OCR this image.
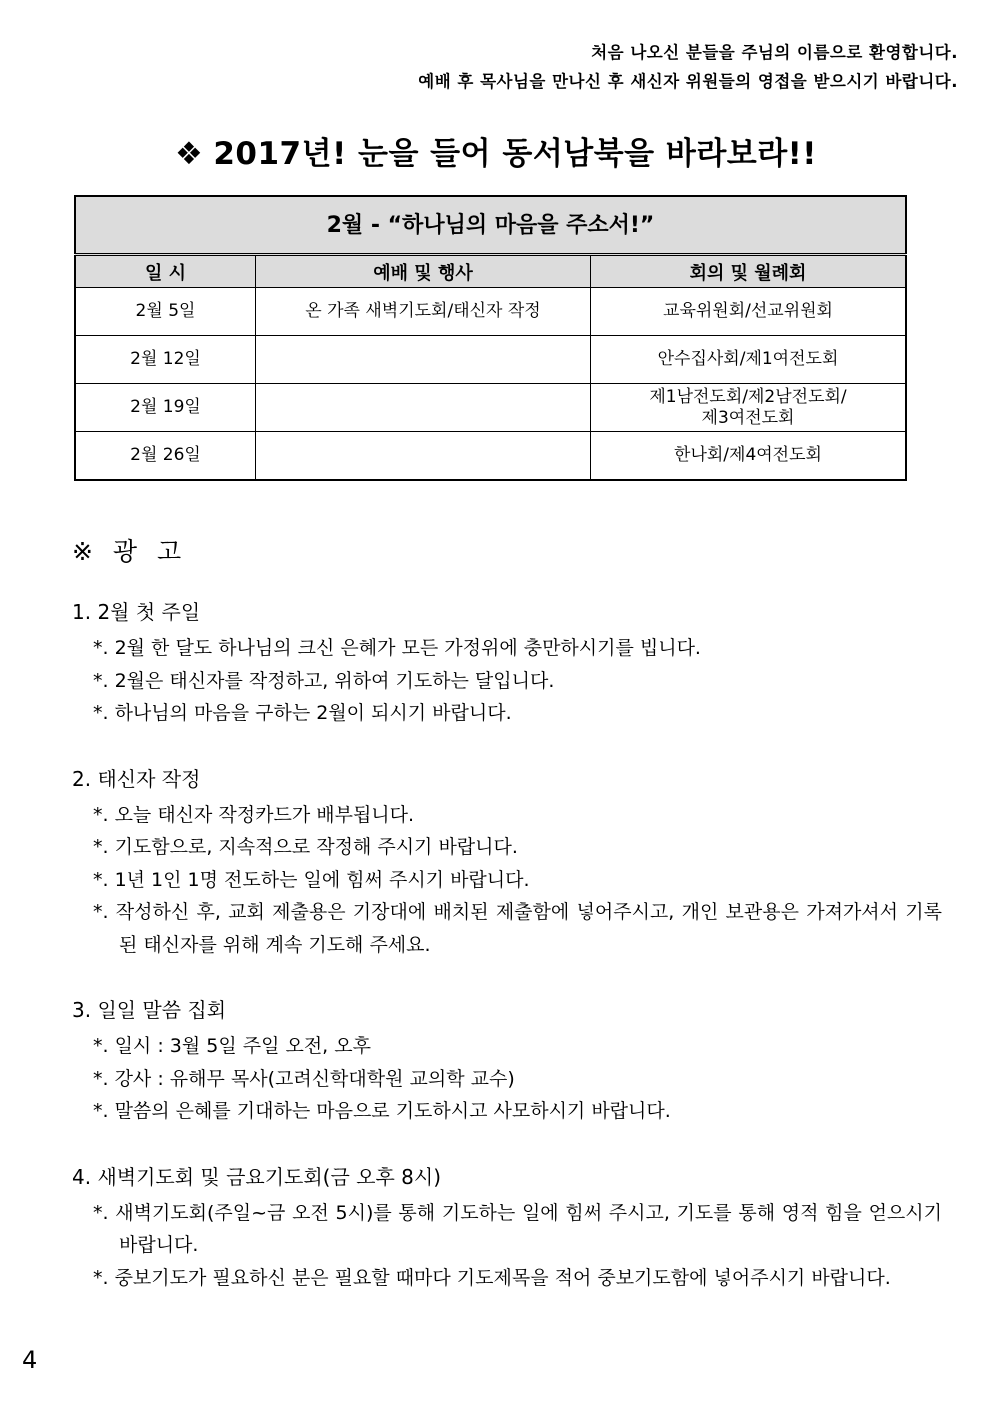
처음 나오신 분들을 주님의 이름으로 환영합니다.
예배 후 목사님을 만나신 후 새신자 위원들의 영접을 받으시기 바랍니다.
❖ 2017년! 눈을 들어 동서남북을 바라보라!!
2월 - “하나님의 마음을 주소서!”		
일 시	예배 및 행사	회의 및 월례회
2월 5일	온 가족 새벽기도회/태신자 작정	교육위원회/선교위원회
2월 12일		안수집사회/제1여전도회
2월 19일		제1남전도회/제2남전도회/
제3여전도회
2월 26일		한나회/제4여전도회
※ 광 고
1. 2월 첫 주일
*. 2월 한 달도 하나님의 크신 은혜가 모든 가정위에 충만하시기를 빕니다.
*. 2월은 태신자를 작정하고, 위하여 기도하는 달입니다.
*. 하나님의 마음을 구하는 2월이 되시기 바랍니다.
2. 태신자 작정
*. 오늘 태신자 작정카드가 배부됩니다.
*. 기도함으로, 지속적으로 작정해 주시기 바랍니다.
*. 1년 1인 1명 전도하는 일에 힘써 주시기 바랍니다.
*. 작성하신 후, 교회 제출용은 기장대에 배치된 제출함에 넣어주시고, 개인 보관용은 가져가셔서 기록된 태신자를 위해 계속 기도해 주세요.
3. 일일 말씀 집회
*. 일시 : 3월 5일 주일 오전, 오후
*. 강사 : 유해무 목사(고려신학대학원 교의학 교수)
*. 말씀의 은혜를 기대하는 마음으로 기도하시고 사모하시기 바랍니다.
4. 새벽기도회 및 금요기도회(금 오후 8시)
*. 새벽기도회(주일~금 오전 5시)를 통해 기도하는 일에 힘써 주시고, 기도를 통해 영적 힘을 얻으시기 바랍니다.
*. 중보기도가 필요하신 분은 필요할 때마다 기도제목을 적어 중보기도함에 넣어주시기 바랍니다.
4
